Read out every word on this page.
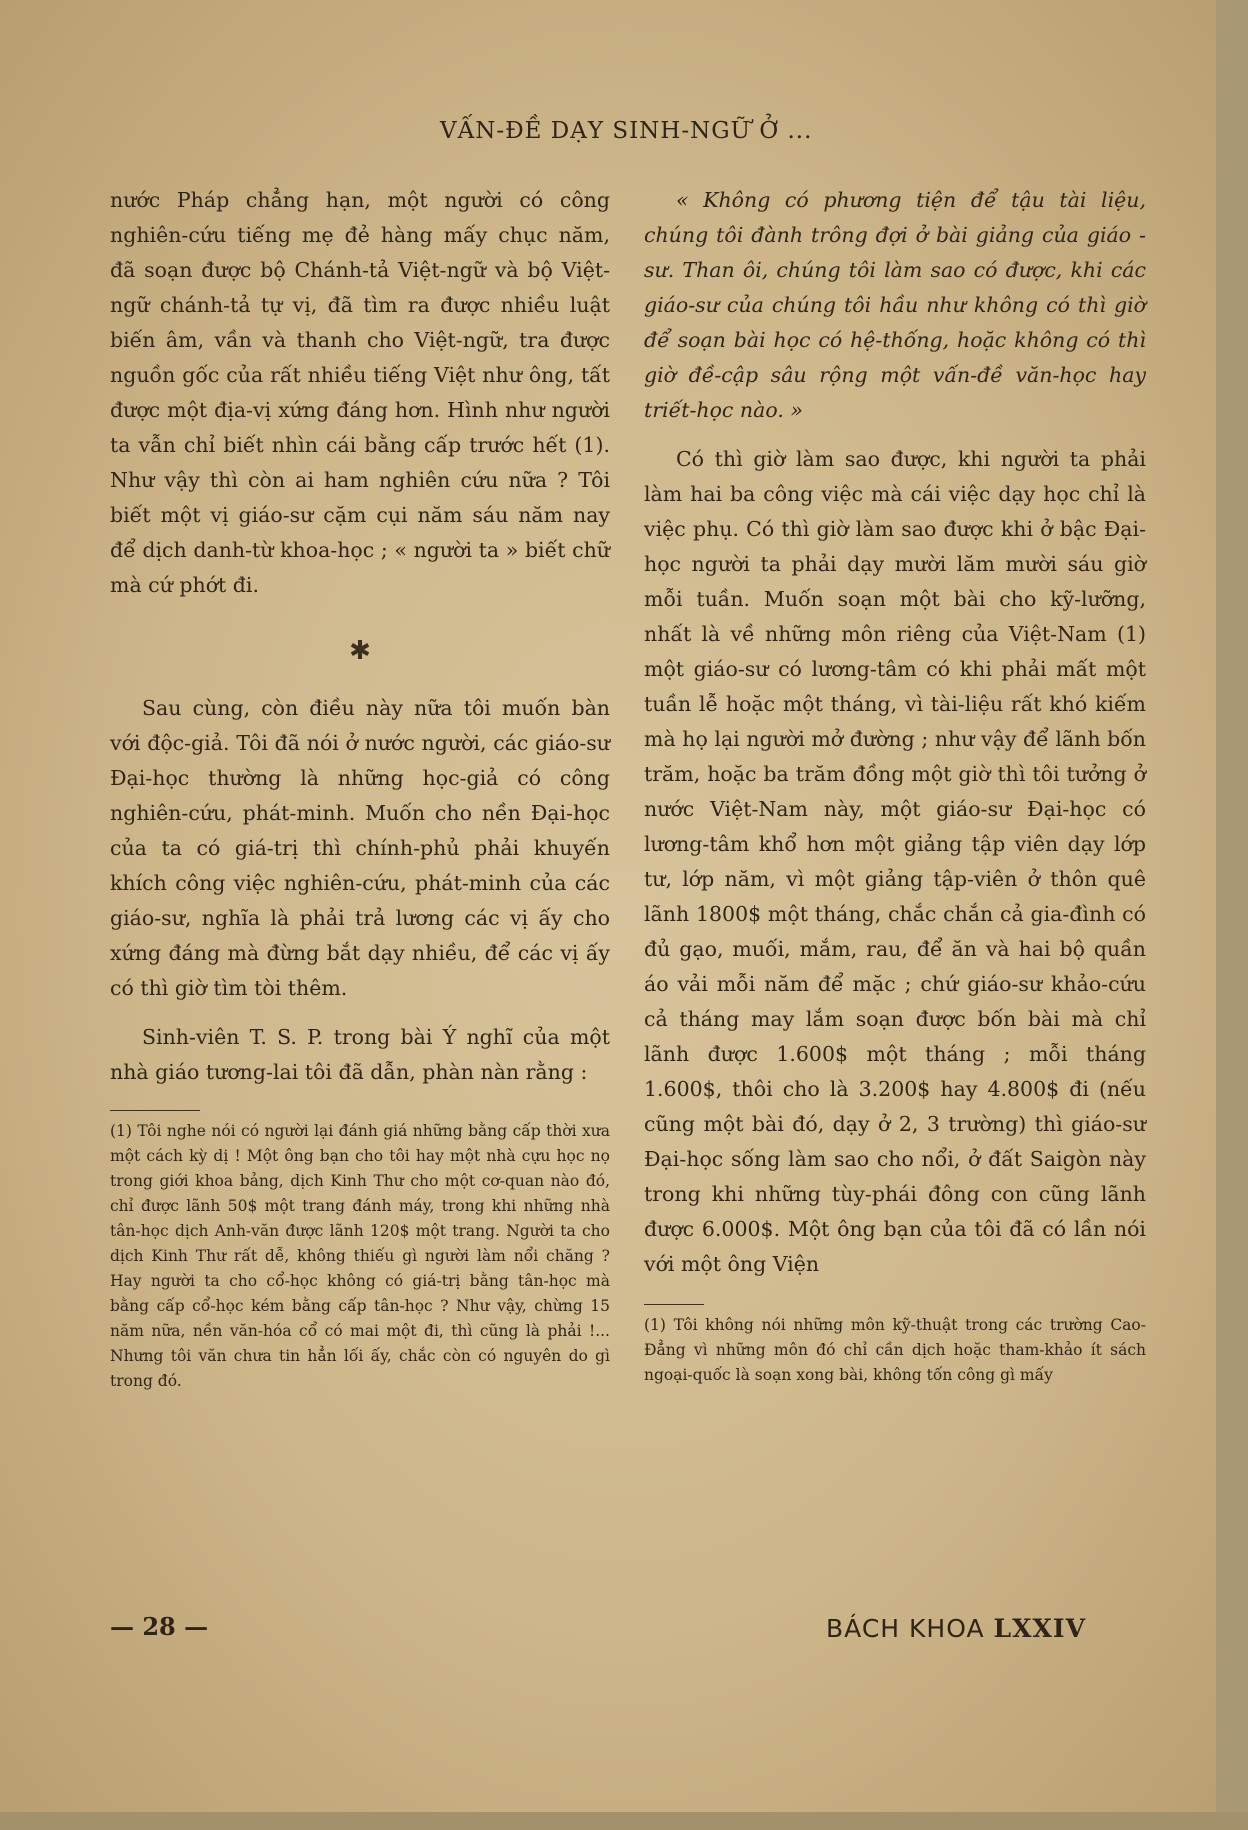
VẤN-ĐỀ DẠY SINH-NGỮ Ở ...

nước Pháp chẳng hạn, một người có công nghiên-cứu tiếng mẹ đẻ hàng mấy chục năm, đã soạn được bộ Chánh-tả Việt-ngữ và bộ Việt-ngữ chánh-tả tự vị, đã tìm ra được nhiều luật biến âm, vần và thanh cho Việt-ngữ, tra được nguồn gốc của rất nhiều tiếng Việt như ông, tất được một địa-vị xứng đáng hơn. Hình như người ta vẫn chỉ biết nhìn cái bằng cấp trước hết (1). Như vậy thì còn ai ham nghiên cứu nữa ? Tôi biết một vị giáo-sư cặm cụi năm sáu năm nay để dịch danh-từ khoa-học ; « người ta » biết chữ mà cứ phớt đi.

✱

Sau cùng, còn điều này nữa tôi muốn bàn với độc-giả. Tôi đã nói ở nước người, các giáo-sư Đại-học thường là những học-giả có công nghiên-cứu, phát-minh. Muốn cho nền Đại-học của ta có giá-trị thì chính-phủ phải khuyến khích công việc nghiên-cứu, phát-minh của các giáo-sư, nghĩa là phải trả lương các vị ấy cho xứng đáng mà đừng bắt dạy nhiều, để các vị ấy có thì giờ tìm tòi thêm.

Sinh-viên T. S. P. trong bài Ý nghĩ của một nhà giáo tương-lai tôi đã dẫn, phàn nàn rằng :

(1) Tôi nghe nói có người lại đánh giá những bằng cấp thời xưa một cách kỳ dị ! Một ông bạn cho tôi hay một nhà cựu học nọ trong giới khoa bảng, dịch Kinh Thư cho một cơ-quan nào đó, chỉ được lãnh 50$ một trang đánh máy, trong khi những nhà tân-học dịch Anh-văn được lãnh 120$ một trang. Người ta cho dịch Kinh Thư rất dễ, không thiếu gì người làm nổi chăng ? Hay người ta cho cổ-học không có giá-trị bằng tân-học mà bằng cấp cổ-học kém bằng cấp tân-học ? Như vậy, chừng 15 năm nữa, nền văn-hóa cổ có mai một đi, thì cũng là phải !... Nhưng tôi văn chưa tin hẳn lối ấy, chắc còn có nguyên do gì trong đó.

« Không có phương tiện để tậu tài liệu, chúng tôi đành trông đợi ở bài giảng của giáo - sư. Than ôi, chúng tôi làm sao có được, khi các giáo-sư của chúng tôi hầu như không có thì giờ để soạn bài học có hệ-thống, hoặc không có thì giờ đề-cập sâu rộng một vấn-đề văn-học hay triết-học nào. »

Có thì giờ làm sao được, khi người ta phải làm hai ba công việc mà cái việc dạy học chỉ là việc phụ. Có thì giờ làm sao được khi ở bậc Đại-học người ta phải dạy mười lăm mười sáu giờ mỗi tuần. Muốn soạn một bài cho kỹ-lưỡng, nhất là về những môn riêng của Việt-Nam (1) một giáo-sư có lương-tâm có khi phải mất một tuần lễ hoặc một tháng, vì tài-liệu rất khó kiếm mà họ lại người mở đường ; như vậy để lãnh bốn trăm, hoặc ba trăm đồng một giờ thì tôi tưởng ở nước Việt-Nam này, một giáo-sư Đại-học có lương-tâm khổ hơn một giảng tập viên dạy lớp tư, lớp năm, vì một giảng tập-viên ở thôn quê lãnh 1800$ một tháng, chắc chắn cả gia-đình có đủ gạo, muối, mắm, rau, để ăn và hai bộ quần áo vải mỗi năm để mặc ; chứ giáo-sư khảo-cứu cả tháng may lắm soạn được bốn bài mà chỉ lãnh được 1.600$ một tháng ; mỗi tháng 1.600$, thôi cho là 3.200$ hay 4.800$ đi (nếu cũng một bài đó, dạy ở 2, 3 trường) thì giáo-sư Đại-học sống làm sao cho nổi, ở đất Saigòn này trong khi những tùy-phái đông con cũng lãnh được 6.000$. Một ông bạn của tôi đã có lần nói với một ông Viện

(1) Tôi không nói những môn kỹ-thuật trong các trường Cao-Đẳng vì những môn đó chỉ cần dịch hoặc tham-khảo ít sách ngoại-quốc là soạn xong bài, không tốn công gì mấy

— 28 —	BÁCH KHOA LXXIV
